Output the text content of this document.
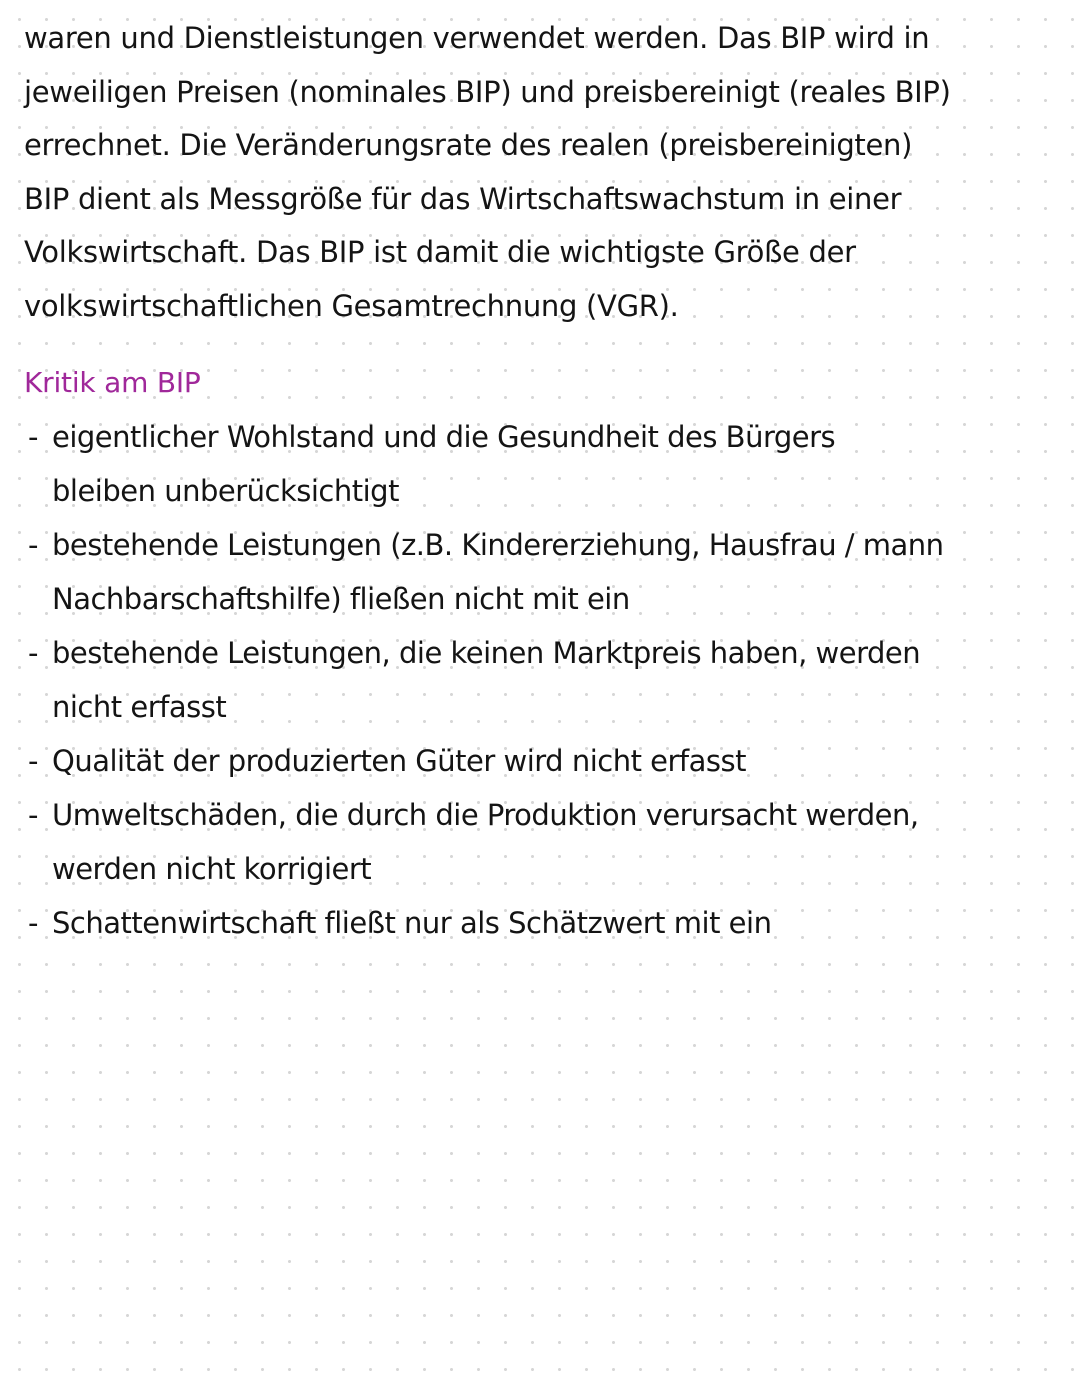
waren und Dienstleistungen verwendet werden. Das BIP wird in
jeweiligen Preisen (nominales BIP) und preisbereinigt (reales BIP)
errechnet. Die Veränderungsrate des realen (preisbereinigten)
BIP dient als Messgröße für das Wirtschaftswachstum in einer
Volkswirtschaft. Das BIP ist damit die wichtigste Größe der
volkswirtschaftlichen Gesamtrechnung (VGR).
Kritik am BIP
- eigentlicher Wohlstand und die Gesundheit des Bürgers
bleiben unberücksichtigt
- bestehende Leistungen (z.B. Kindererziehung, Hausfrau / mann
Nachbarschaftshilfe) fließen nicht mit ein
- bestehende Leistungen, die keinen Marktpreis haben, werden
nicht erfasst
- Qualität der produzierten Güter wird nicht erfasst
- Umweltschäden, die durch die Produktion verursacht werden,
werden nicht korrigiert
- Schattenwirtschaft fließt nur als Schätzwert mit ein
